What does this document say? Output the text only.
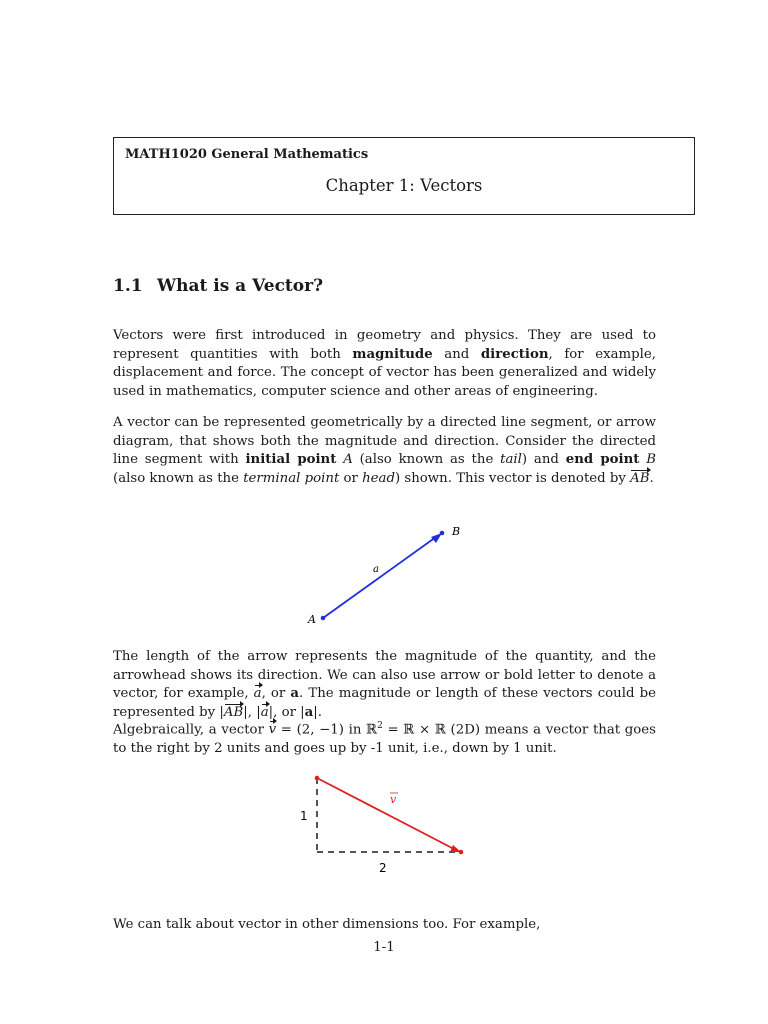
MATH1020 General Mathematics
Chapter 1: Vectors
1.1 What is a Vector?

Vectors were first introduced in geometry and physics. They are used to represent quantities with both magnitude and direction, for example, displacement and force. The concept of vector has been generalized and widely used in mathematics, computer science and other areas of engineering.

A vector can be represented geometrically by a directed line segment, or arrow diagram, that shows both the magnitude and direction. Consider the directed line segment with initial point A (also known as the tail) and end point B (also known as the terminal point or head) shown. This vector is denoted by AB.

A
B
a

The length of the arrow represents the magnitude of the quantity, and the arrowhead shows its direction. We can also use arrow or bold letter to denote a vector, for example, a, or a. The magnitude or length of these vectors could be represented by |AB|, |a|, or |a|.

Algebraically, a vector v = (2, −1) in ℝ$^2$ = ℝ × ℝ (2D) means a vector that goes to the right by 2 units and goes up by -1 unit, i.e., down by 1 unit.

v
1
2

We can talk about vector in other dimensions too. For example,

1-1
